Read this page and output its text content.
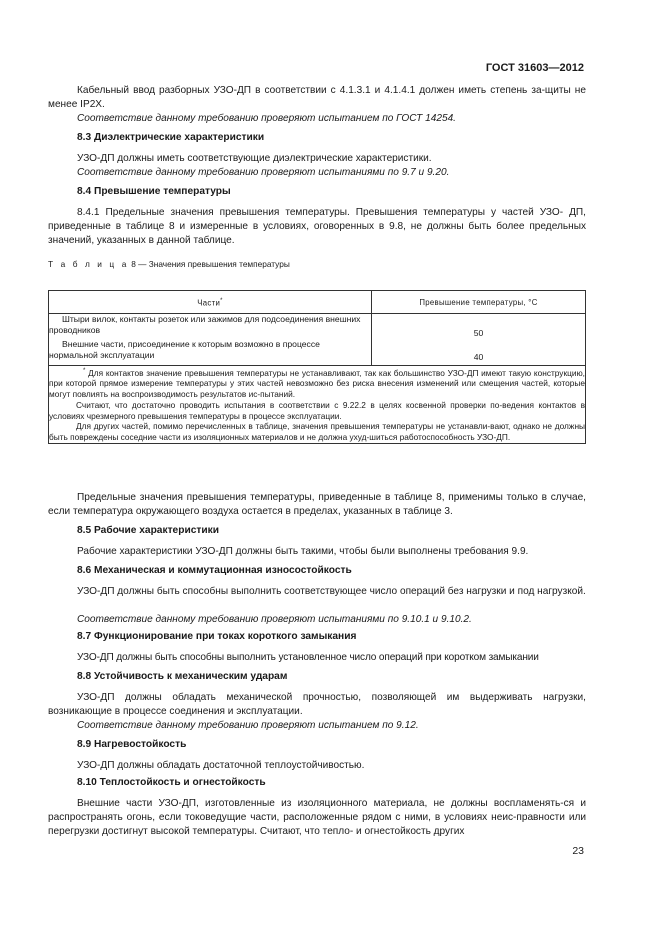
ГОСТ 31603—2012

Кабельный ввод разборных УЗО-ДП в соответствии с 4.1.3.1 и 4.1.4.1 должен иметь степень за-щиты не менее IP2X.

Соответствие данному требованию проверяют испытанием по ГОСТ 14254.

8.3 Диэлектрические характеристики

УЗО-ДП должны иметь соответствующие диэлектрические характеристики.

Соответствие данному требованию проверяют испытаниями по 9.7 и 9.20.

8.4 Превышение температуры

8.4.1 Предельные значения превышения температуры. Превышения температуры у частей УЗО- ДП, приведенные в таблице 8 и измеренные в условиях, оговоренных в 9.8, не должны быть более предельных значений, указанных в данной таблице.

Т а б л и ц а 8 — Значения превышения температуры
Части*	Превышение температуры, °С

Штыри вилок, контакты розеток или зажимов для подсоединения внешних проводников	50

Внешние части, присоединение к которым возможно в процессе нормальной эксплуатации	40

* Для контактов значение превышения температуры не устанавливают, так как большинство УЗО-ДП имеют такую конструкцию, при которой прямое измерение температуры у этих частей невозможно без риска внесения изменений или смещения частей, которые могут повлиять на воспроизводимость результатов ис-пытаний.

Считают, что достаточно проводить испытания в соответствии с 9.22.2 в целях косвенной проверки по-ведения контактов в условиях чрезмерного превышения температуры в процессе эксплуатации.

Для других частей, помимо перечисленных в таблице, значения превышения температуры не устанавли-вают, однако не должны быть повреждены соседние части из изоляционных материалов и не должна ухуд-шиться работоспособность УЗО-ДП.	

Предельные значения превышения температуры, приведенные в таблице 8, применимы только в случае, если температура окружающего воздуха остается в пределах, указанных в таблице 3.

8.5 Рабочие характеристики

Рабочие характеристики УЗО-ДП должны быть такими, чтобы были выполнены требования 9.9.

8.6 Механическая и коммутационная износостойкость

УЗО-ДП должны быть способны выполнить соответствующее число операций без нагрузки и под нагрузкой.

Соответствие данному требованию проверяют испытаниями по 9.10.1 и 9.10.2.

8.7 Функционирование при токах короткого замыкания

УЗО-ДП должны быть способны выполнить установленное число операций при коротком замыкании

8.8 Устойчивость к механическим ударам

УЗО-ДП должны обладать механической прочностью, позволяющей им выдерживать нагрузки, возникающие в процессе соединения и эксплуатации.

Соответствие данному требованию проверяют испытанием по 9.12.

8.9 Нагревостойкость

УЗО-ДП должны обладать достаточной теплоустойчивостью.

8.10 Теплостойкость и огнестойкость

Внешние части УЗО-ДП, изготовленные из изоляционного материала, не должны воспламенять-ся и распространять огонь, если токоведущие части, расположенные рядом с ними, в условиях неис-правности или перегрузки достигнут высокой температуры. Считают, что тепло- и огнестойкость других

23
